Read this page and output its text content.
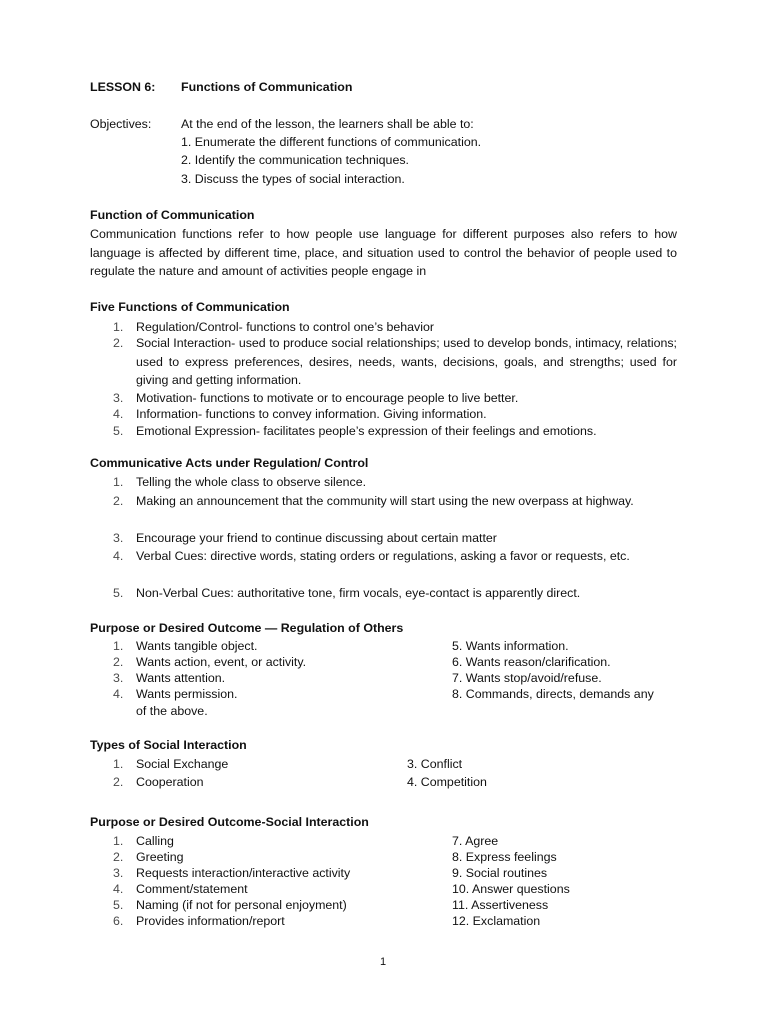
LESSON 6: Functions of Communication
Objectives: At the end of the lesson, the learners shall be able to:
1. Enumerate the different functions of communication.
2. Identify the communication techniques.
3. Discuss the types of social interaction.
Function of Communication
Communication functions refer to how people use language for different purposes also refers to how language is affected by different time, place, and situation used to control the behavior of people used to regulate the nature and amount of activities people engage in
Five Functions of Communication
1. Regulation/Control- functions to control one’s behavior
2. Social Interaction- used to produce social relationships; used to develop bonds, intimacy, relations; used to express preferences, desires, needs, wants, decisions, goals, and strengths; used for giving and getting information.
3. Motivation- functions to motivate or to encourage people to live better.
4. Information- functions to convey information. Giving information.
5. Emotional Expression- facilitates people’s expression of their feelings and emotions.
Communicative Acts under Regulation/ Control
1. Telling the whole class to observe silence.
2. Making an announcement that the community will start using the new overpass at highway.
3. Encourage your friend to continue discussing about certain matter
4. Verbal Cues: directive words, stating orders or regulations, asking a favor or requests, etc.
5. Non-Verbal Cues: authoritative tone, firm vocals, eye-contact is apparently direct.
Purpose or Desired Outcome — Regulation of Others
1. Wants tangible object.
2. Wants action, event, or activity.
3. Wants attention.
4. Wants permission.
of the above.
5. Wants information.
6. Wants reason/clarification.
7. Wants stop/avoid/refuse.
8. Commands, directs, demands any
Types of Social Interaction
1. Social Exchange
2. Cooperation
3. Conflict
4. Competition
Purpose or Desired Outcome-Social Interaction
1. Calling
2. Greeting
3. Requests interaction/interactive activity
4. Comment/statement
5. Naming (if not for personal enjoyment)
6. Provides information/report
7. Agree
8. Express feelings
9. Social routines
10. Answer questions
11. Assertiveness
12. Exclamation
1
